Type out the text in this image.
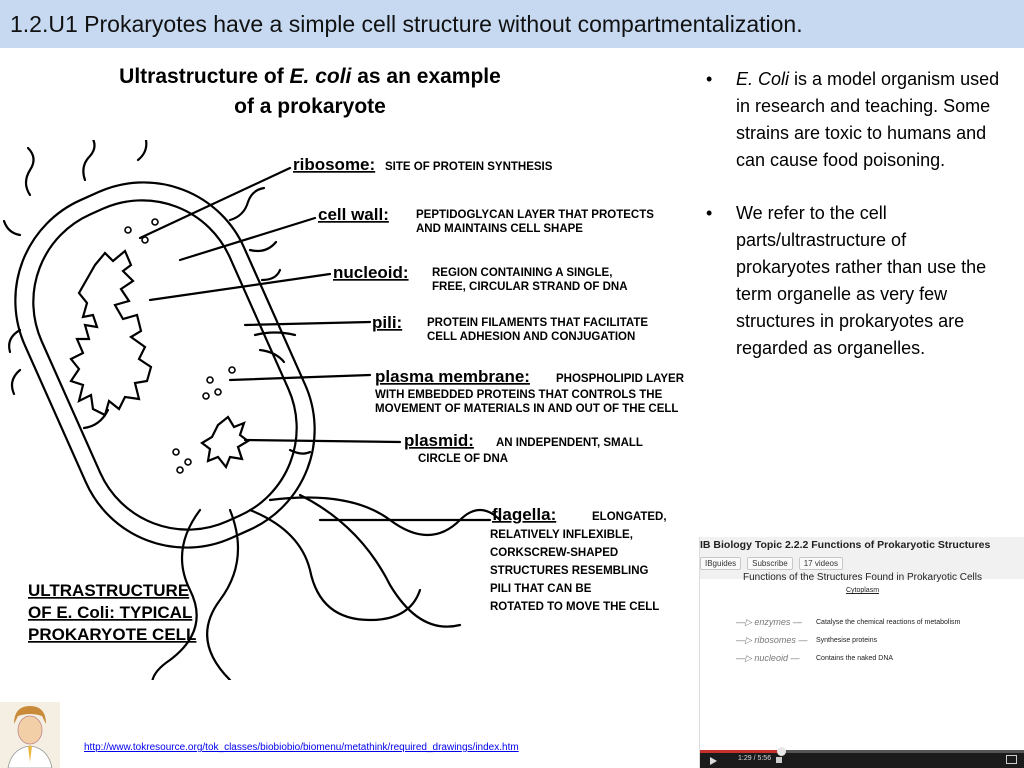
1.2.U1 Prokaryotes have a simple cell structure without compartmentalization.
Ultrastructure of E. coli as an example
of a prokaryote
ribosome: SITE OF PROTEIN SYNTHESIS
cell wall: PEPTIDOGLYCAN LAYER THAT PROTECTS
AND MAINTAINS CELL SHAPE
nucleoid: REGION CONTAINING A SINGLE,
FREE, CIRCULAR STRAND OF DNA
pili: PROTEIN FILAMENTS THAT FACILITATE
CELL ADHESION AND CONJUGATION
plasma membrane: PHOSPHOLIPID LAYER
WITH EMBEDDED PROTEINS THAT CONTROLS THE
MOVEMENT OF MATERIALS IN AND OUT OF THE CELL
plasmid: AN INDEPENDENT, SMALL
CIRCLE OF DNA
flagella:	ELONGATED,
RELATIVELY INFLEXIBLE,
CORKSCREW-SHAPED
STRUCTURES RESEMBLING
PILI THAT CAN BE
ROTATED TO MOVE THE CELL
ULTRASTRUCTURE
OF E. Coli: TYPICAL
PROKARYOTE CELL
• E. Coli is a model organism used in research and teaching. Some strains are toxic to humans and can cause food poisoning.
• We refer to the cell parts/ultrastructure of prokaryotes rather than use the term organelle as very few structures in prokaryotes are regarded as organelles.
IB Biology Topic 2.2.2 Functions of Prokaryotic Structures
IBguides	Subscribe	17 videos
Functions of the Structures Found in Prokaryotic Cells
Cytoplasm
—▷ enzymes — Catalyse the chemical reactions of metabolism
—▷ ribosomes — Synthesise proteins
—▷ nucleoid — Contains the naked DNA
1:29 / 5:56
http://www.tokresource.org/tok_classes/biobiobio/biomenu/metathink/required_drawings/index.htm
